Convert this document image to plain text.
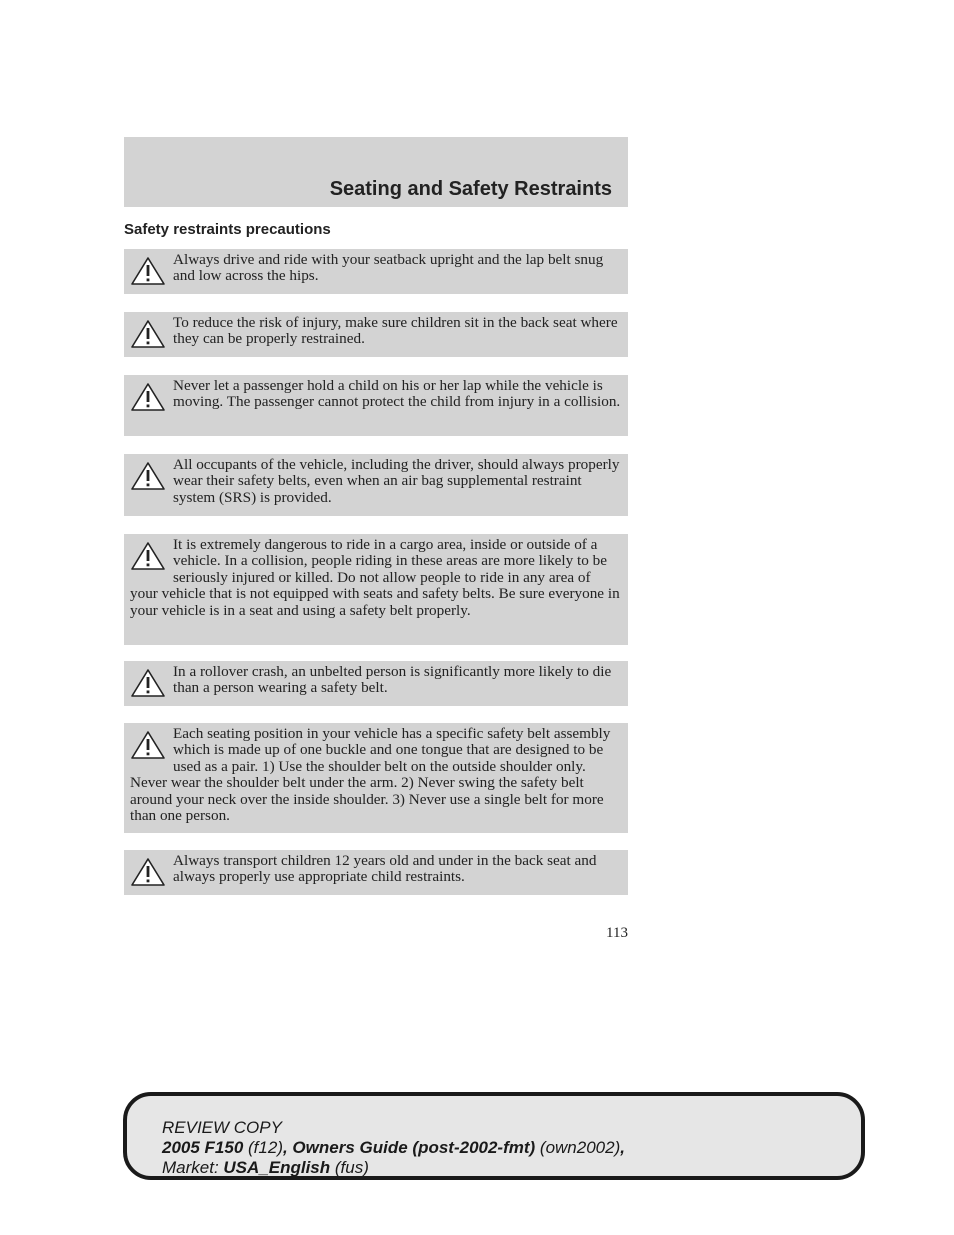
Seating and Safety Restraints
Safety restraints precautions
Always drive and ride with your seatback upright and the lap belt snug and low across the hips.
To reduce the risk of injury, make sure children sit in the back seat where they can be properly restrained.
Never let a passenger hold a child on his or her lap while the vehicle is moving. The passenger cannot protect the child from injury in a collision.
All occupants of the vehicle, including the driver, should always properly wear their safety belts, even when an air bag supplemental restraint system (SRS) is provided.
It is extremely dangerous to ride in a cargo area, inside or outside of a vehicle. In a collision, people riding in these areas are more likely to be seriously injured or killed. Do not allow people to ride in any area of your vehicle that is not equipped with seats and safety belts. Be sure everyone in your vehicle is in a seat and using a safety belt properly.
In a rollover crash, an unbelted person is significantly more likely to die than a person wearing a safety belt.
Each seating position in your vehicle has a specific safety belt assembly which is made up of one buckle and one tongue that are designed to be used as a pair. 1) Use the shoulder belt on the outside shoulder only. Never wear the shoulder belt under the arm. 2) Never swing the safety belt around your neck over the inside shoulder. 3) Never use a single belt for more than one person.
Always transport children 12 years old and under in the back seat and always properly use appropriate child restraints.
113
REVIEW COPY
2005 F150 (f12), Owners Guide (post-2002-fmt) (own2002),
Market: USA_English (fus)
